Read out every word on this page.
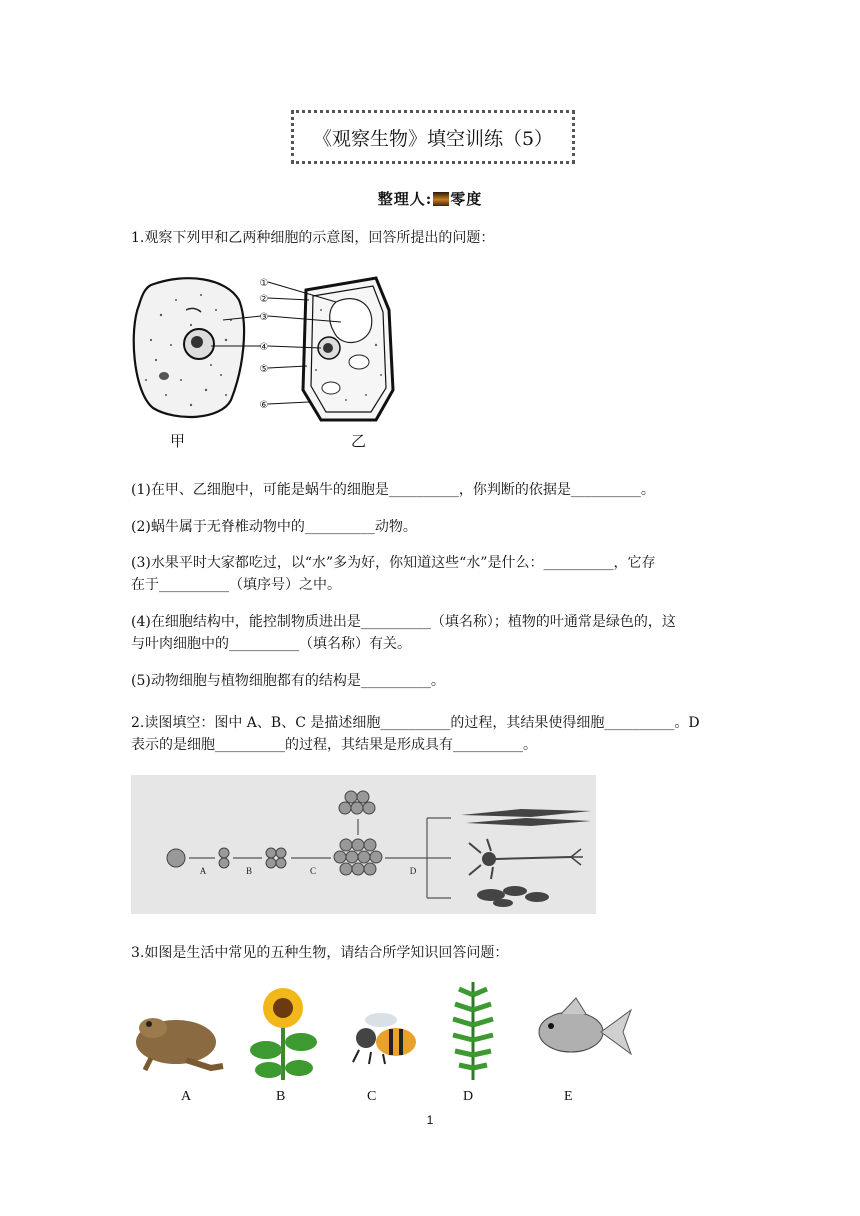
《观察生物》填空训练（5）
整理人: 零度
1.观察下列甲和乙两种细胞的示意图，回答所提出的问题：
①
②
③
④
⑤
⑥
甲	乙
(1)在甲、乙细胞中，可能是蜗牛的细胞是__________，你判断的依据是__________。
(2)蜗牛属于无脊椎动物中的__________动物。
(3)水果平时大家都吃过，以“水”多为好，你知道这些“水”是什么：__________，它存
在于__________（填序号）之中。
(4)在细胞结构中，能控制物质进出是__________（填名称）；植物的叶通常是绿色的，这
与叶肉细胞中的__________（填名称）有关。
(5)动物细胞与植物细胞都有的结构是__________。
2.读图填空：图中 A、B、C 是描述细胞__________的过程，其结果使得细胞__________。D
表示的是细胞__________的过程，其结果是形成具有__________。
A	B	C	D
3.如图是生活中常见的五种生物，请结合所学知识回答问题：
A	B	C	D	E
1
